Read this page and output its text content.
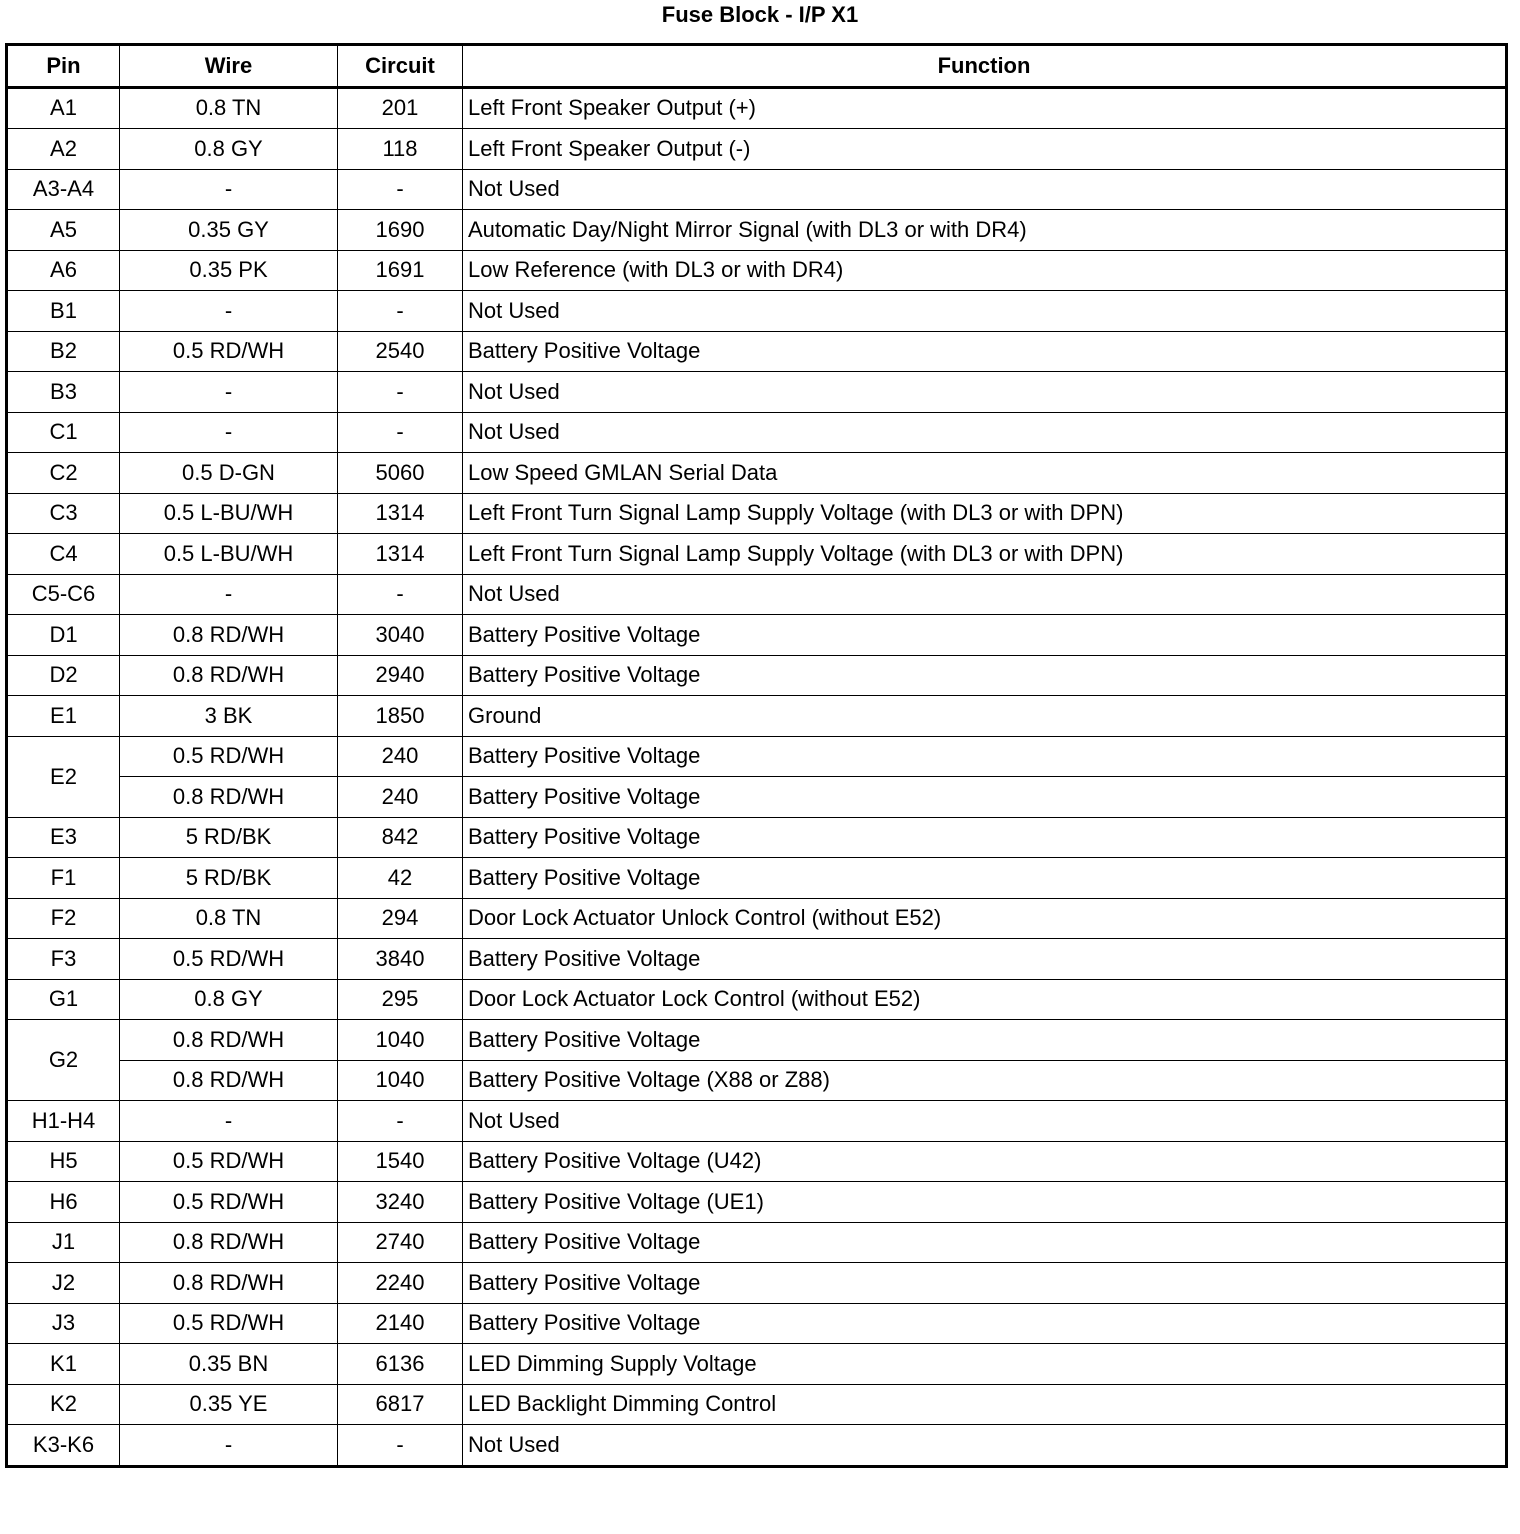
Fuse Block - I/P X1
Pin	Wire	Circuit	Function
A1	0.8 TN	201	Left Front Speaker Output (+)
A2	0.8 GY	118	Left Front Speaker Output (-)
A3-A4	-	-	Not Used
A5	0.35 GY	1690	Automatic Day/Night Mirror Signal (with DL3 or with DR4)
A6	0.35 PK	1691	Low Reference (with DL3 or with DR4)
B1	-	-	Not Used
B2	0.5 RD/WH	2540	Battery Positive Voltage
B3	-	-	Not Used
C1	-	-	Not Used
C2	0.5 D-GN	5060	Low Speed GMLAN Serial Data
C3	0.5 L-BU/WH	1314	Left Front Turn Signal Lamp Supply Voltage (with DL3 or with DPN)
C4	0.5 L-BU/WH	1314	Left Front Turn Signal Lamp Supply Voltage (with DL3 or with DPN)
C5-C6	-	-	Not Used
D1	0.8 RD/WH	3040	Battery Positive Voltage
D2	0.8 RD/WH	2940	Battery Positive Voltage
E1	3 BK	1850	Ground
E2	0.5 RD/WH	240	Battery Positive Voltage
	0.8 RD/WH	240	Battery Positive Voltage
E3	5 RD/BK	842	Battery Positive Voltage
F1	5 RD/BK	42	Battery Positive Voltage
F2	0.8 TN	294	Door Lock Actuator Unlock Control (without E52)
F3	0.5 RD/WH	3840	Battery Positive Voltage
G1	0.8 GY	295	Door Lock Actuator Lock Control (without E52)
G2	0.8 RD/WH	1040	Battery Positive Voltage
	0.8 RD/WH	1040	Battery Positive Voltage (X88 or Z88)
H1-H4	-	-	Not Used
H5	0.5 RD/WH	1540	Battery Positive Voltage (U42)
H6	0.5 RD/WH	3240	Battery Positive Voltage (UE1)
J1	0.8 RD/WH	2740	Battery Positive Voltage
J2	0.8 RD/WH	2240	Battery Positive Voltage
J3	0.5 RD/WH	2140	Battery Positive Voltage
K1	0.35 BN	6136	LED Dimming Supply Voltage
K2	0.35 YE	6817	LED Backlight Dimming Control
K3-K6	-	-	Not Used
